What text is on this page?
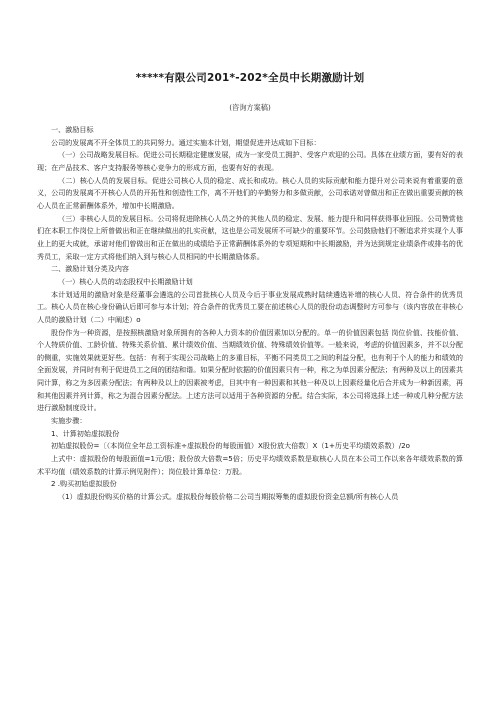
*****有限公司201*-202*全员中长期激励计划
(咨询方案稿)

一、激励目标

公司的发展离不开全体员工的共同努力。通过实施本计划，期望促进并达成如下目标：

（一）公司战略发展目标。促进公司长期稳定健康发展，成为一家受员工拥护、受客户欢迎的公司。具体在业绩方面，要有好的表现；在产品技术、客户支持服务等核心竞争力的形成方面，也要有好的表现。

（二）核心人员的发展目标。促进公司核心人员的稳定、成长和成功。核心人员的实际贡献和能力提升对公司来说有着重要的意义，公司的发展离不开核心人员的开拓性和创造性工作，离不开他们的辛勤努力和多做贡献，公司承诺对曾做出和正在做出重要贡献的核心人员在正常薪酬体系外，增加中长期激励。

（三）非核心人员的发展目标。公司将促进除核心人员之外的其他人员的稳定、发展、能力提升和同样获得事业回报。公司赞赏他们在本职工作岗位上所曾做出和正在继续做出的扎实贡献，这也是公司发展所不可缺少的重要环节。公司鼓励他们不断追求并实现个人事业上的更大成就，承诺对他们曾做出和正在做出的成绩给予正常薪酬体系外的专项短期和中长期激励，并为达到规定业绩条件或排名的优秀员工，采取一定方式将他们纳入到与核心人员相同的中长期激励体系。

二、激励计划分类及内容

（一）核心人员的动态股权中长期激励计划

本计划适用的激励对象是经董事会遴选的公司首批核心人员及今后于事业发展成熟时陆续遴选补增的核心人员、符合条件的优秀员工。核心人员在核心身份确认后即可参与本计划；符合条件的优秀员工要在前述核心人员的股份动态调整时方可参与（该内容放在非核心人员的激励计划（二）中阐述）o

股份作为一种资源，是按照核激励对象所拥有的各种人力资本的价值因素加以分配的。单一的价值因素包括 岗位价值、技能价值、个人特质价值、工龄价值、特殊关系价值、累计绩效价值、当期绩效价值、特殊绩效价值等。一般来说，考虑的价值因素多，并不以分配的侧重，实施效果就更好些。包括：有利于实现公司战略上的多重目标，平衡不同类员工之间的利益分配，也有利于个人的能力和绩效的全面发展，并同时有利于促进员工之间的团结和谐。如果分配时依据的价值因素只有一种，称之为单因素分配法；有两种及以上的因素共同计算，称之为多因素分配法；有两种及以上的因素被考虑，目其中有一种因素和其他一种及以上因素经量化后合并成为一种新因素，再和其他因素并列计算，称之为混合因素分配法。上述方法可以适用于各种资源的分配。结合实际，本公司将选择上述一种或几种分配方法进行激励制度设计。

实施步骤：

1、计算初始虚拟股份

初始虚拟股份=〔（本岗位全年总工资标准÷虚拟股份的每股面值）X股份放大倍数〕X（1+历史平均绩效系数）/2o

上式中：虚拟股份的每股面值=1元/股；股份放大倍数=5倍；历史平均绩效系数是取核心人员在本公司工作以来各年绩效系数的算术平均值（绩效系数的计算示例见附件）；岗位股计算单位：万股。

2 .购买初始虚拟股份

（1）虚拟股份购买价格的计算公式。虚拟股份每股价格二公司当期拟筹集的虚拟股份资金总额/所有核心人员
